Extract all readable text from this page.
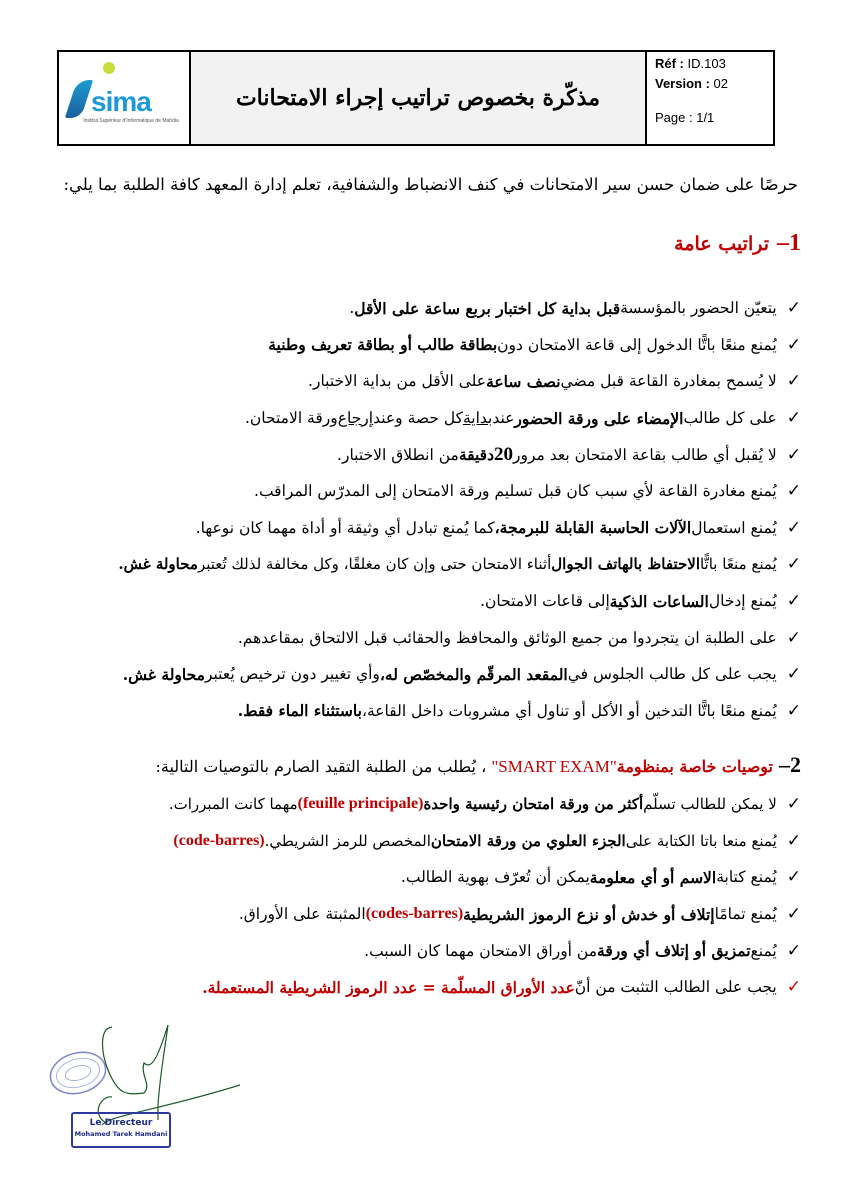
sima
Institut Supérieur d'Informatique de Mahdia
مذكّرة بخصوص تراتيب إجراء الامتحانات
Réf : ID.103
Version : 02
Page : 1/1
حرصًا على ضمان حسن سير الامتحانات في كنف الانضباط والشفافية، تعلم إدارة المعهد كافة الطلبة بما يلي:
1–تراتيب عامة
✓
يتعيّن الحضور بالمؤسسة
قبل بداية كل اختبار بربع ساعة على الأقل
.
✓
يُمنع منعًا باتًّا الدخول إلى قاعة الامتحان دون
بطاقة طالب أو بطاقة تعريف وطنية
✓
لا يُسمح بمغادرة القاعة قبل مضي
نصف ساعة
على الأقل من بداية الاختبار.
✓
على كل طالب
الإمضاء على ورقة الحضور
عند
بداية
كل حصة وعند
إرجاع
ورقة الامتحان.
✓
لا يُقبل أي طالب بقاعة الامتحان بعد مرور
20
دقيقة
من انطلاق الاختبار.
✓
يُمنع مغادرة القاعة لأي سبب كان قبل تسليم ورقة الامتحان إلى المدرّس المراقب.
✓
يُمنع استعمال
الآلات الحاسبة القابلة للبرمجة،
كما يُمنع تبادل أي وثيقة أو أداة مهما كان نوعها.
✓
يُمنع منعًا باتًّا
الاحتفاظ بالهاتف الجوال
أثناء الامتحان حتى وإن كان مغلقًا، وكل مخالفة لذلك تُعتبر
محاولة غش.
✓
يُمنع إدخال
الساعات الذكية
إلى قاعات الامتحان.
✓
على الطلبة ان يتجردوا من جميع الوثائق والمحافظ والحقائب قبل الالتحاق بمقاعدهم.
✓
يجب على كل طالب الجلوس في
المقعد المرقّم والمخصّص له،
وأي تغيير دون ترخيص يُعتبر
محاولة غش.
✓
يُمنع منعًا باتًّا التدخين أو الأكل أو تناول أي مشروبات داخل القاعة،
باستثناء الماء فقط.
2–توصيات خاصة بمنظومة"SMART EXAM" ، يُطلب من الطلبة التقيد الصارم بالتوصيات التالية:
✓
لا يمكن للطالب تسلّم
أكثر من ورقة امتحان رئيسية واحدة
(feuille principale)
مهما كانت المبررات.
✓
يُمنع منعا باتا الكتابة على
الجزء العلوي من ورقة الامتحان
المخصص للرمز الشريطي.
(code-barres)
✓
يُمنع كتابة
الاسم أو أي معلومة
يمكن أن تُعرّف بهوية الطالب.
✓
يُمنع تمامًا
إتلاف أو خدش أو نزع الرموز الشريطية
(codes-barres)
المثبتة على الأوراق.
✓
يُمنع
تمزيق أو إتلاف أي ورقة
من أوراق الامتحان مهما كان السبب.
✓
يجب على الطالب التثبت من أنّ
عدد الأوراق المسلّمة = عدد الرموز الشريطية المستعملة.
Le Directeur
Mohamed Tarek Hamdani
